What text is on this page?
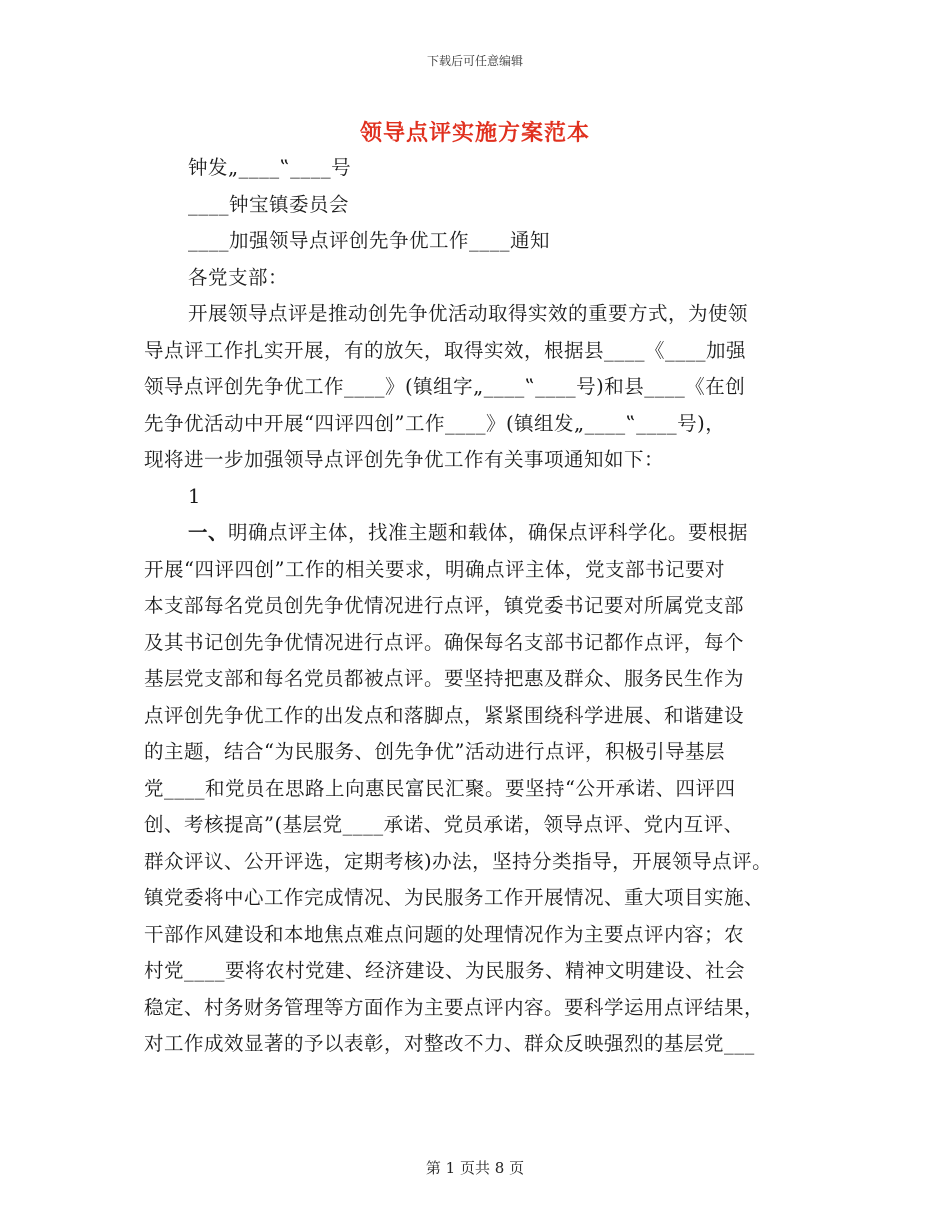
下载后可任意编辑
领导点评实施方案范本
钟发„____‟____号
____钟宝镇委员会
____加强领导点评创先争优工作____通知
各党支部：
开展领导点评是推动创先争优活动取得实效的重要方式，为使领
导点评工作扎实开展，有的放矢，取得实效，根据县____《____加强
领导点评创先争优工作____》(镇组字„____‟____号)和县____《在创
先争优活动中开展“四评四创”工作____》(镇组发„____‟____号)，
现将进一步加强领导点评创先争优工作有关事项通知如下：
1
一、明确点评主体，找准主题和载体，确保点评科学化。要根据
开展“四评四创”工作的相关要求，明确点评主体，党支部书记要对
本支部每名党员创先争优情况进行点评，镇党委书记要对所属党支部
及其书记创先争优情况进行点评。确保每名支部书记都作点评，每个
基层党支部和每名党员都被点评。要坚持把惠及群众、服务民生作为
点评创先争优工作的出发点和落脚点，紧紧围绕科学进展、和谐建设
的主题，结合“为民服务、创先争优”活动进行点评，积极引导基层
党____和党员在思路上向惠民富民汇聚。要坚持“公开承诺、四评四
创、考核提高”(基层党____承诺、党员承诺，领导点评、党内互评、
群众评议、公开评选，定期考核)办法，坚持分类指导，开展领导点评。
镇党委将中心工作完成情况、为民服务工作开展情况、重大项目实施、
干部作风建设和本地焦点难点问题的处理情况作为主要点评内容；农
村党____要将农村党建、经济建设、为民服务、精神文明建设、社会
稳定、村务财务管理等方面作为主要点评内容。要科学运用点评结果，
对工作成效显著的予以表彰，对整改不力、群众反映强烈的基层党___
第 1 页共 8 页
